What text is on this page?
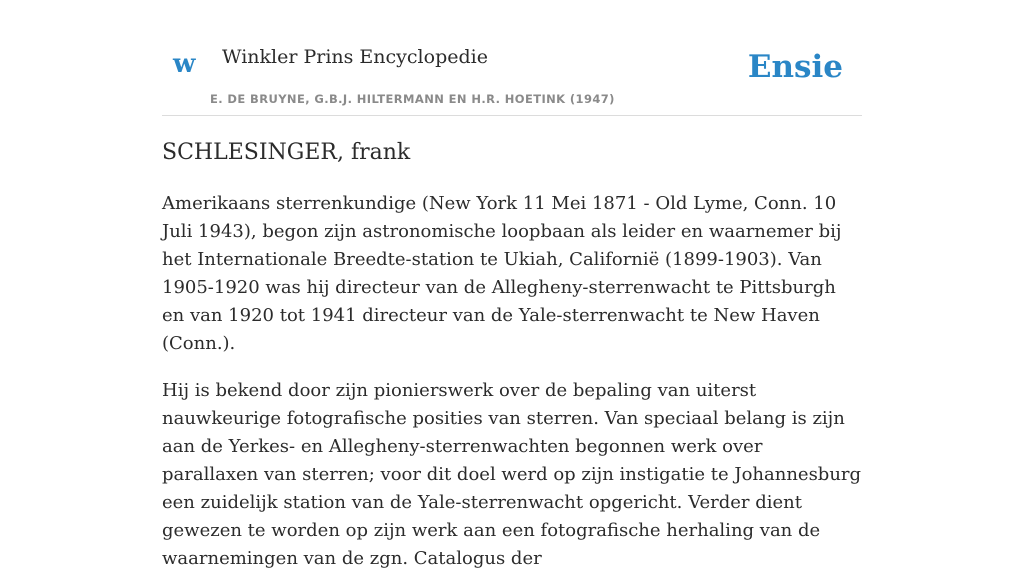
w Winkler Prins Encyclopedie
E. DE BRUYNE, G.B.J. HILTERMANN EN H.R. HOETINK (1947)
Ensie
SCHLESINGER, frank

Amerikaans sterrenkundige (New York 11 Mei 1871 - Old Lyme, Conn. 10 Juli 1943), begon zijn astronomische loopbaan als leider en waarnemer bij het Internationale Breedte-station te Ukiah, Californië (1899-1903). Van 1905-1920 was hij directeur van de Allegheny-sterrenwacht te Pittsburgh en van 1920 tot 1941 directeur van de Yale-sterrenwacht te New Haven (Conn.).

Hij is bekend door zijn pionierswerk over de bepaling van uiterst nauwkeurige fotografische posities van sterren. Van speciaal belang is zijn aan de Yerkes- en Allegheny-sterrenwachten begonnen werk over parallaxen van sterren; voor dit doel werd op zijn instigatie te Johannesburg een zuidelijk station van de Yale-sterrenwacht opgericht. Verder dient gewezen te worden op zijn werk aan een fotografische herhaling van de waarnemingen van de zgn. Catalogus der
